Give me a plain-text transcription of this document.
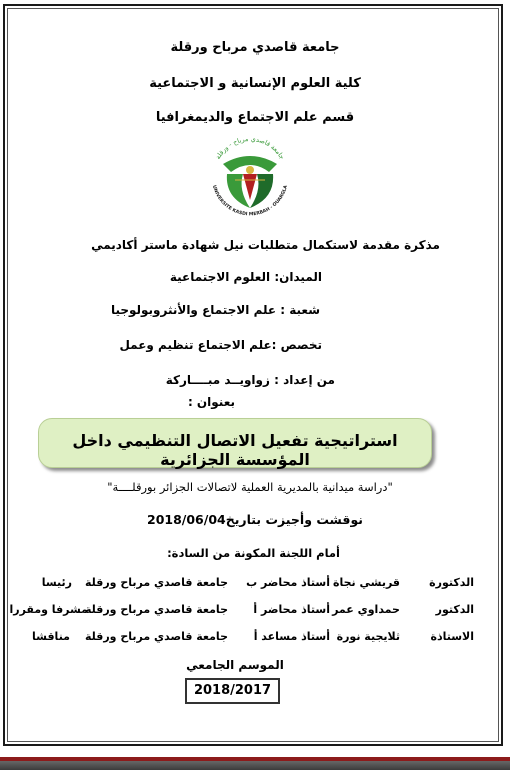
جامعة قاصدي مرباح ورقلة
كلية العلوم الإنسانية و الاجتماعية
قسم علم الاجتماع والديمغرافيا
جامعة قاصدي مرباح - ورقلة
UNIVERSITE KASDI MERBAH - OUARGLA
مذكرة مقدمة لاستكمال متطلبات نيل شهادة ماستر أكاديمي
الميدان: العلوم الاجتماعية
شعبة : علم الاجتماع والأنثروبولوجيا
تخصص :علم الاجتماع تنظيم وعمل
من إعداد : زواويــد مبــــاركة
بعنوان :
استراتيجية تفعيل الاتصال التنظيمي داخل المؤسسة الجزائرية
"دراسة ميدانية بالمديرية العملية لاتصالات الجزائر بورقلــــة"
نوقشت وأجيزت بتاريخ2018/06/04
أمام اللجنة المكونة من السادة:
الدكتورة
قريشي نجاة
أستاذ محاضر ب
جامعة قاصدي مرباح ورقلة
رئيسا
الدكتور
حمداوي عمر
أستاذ محاضر أ
جامعة قاصدي مرباح ورقلة
مشرفا ومقررا
الاستاذة
ثلايجية نورة
أستاذ مساعد أ
جامعة قاصدي مرباح ورقلة
مناقشا
الموسم الجامعي
2018/2017
